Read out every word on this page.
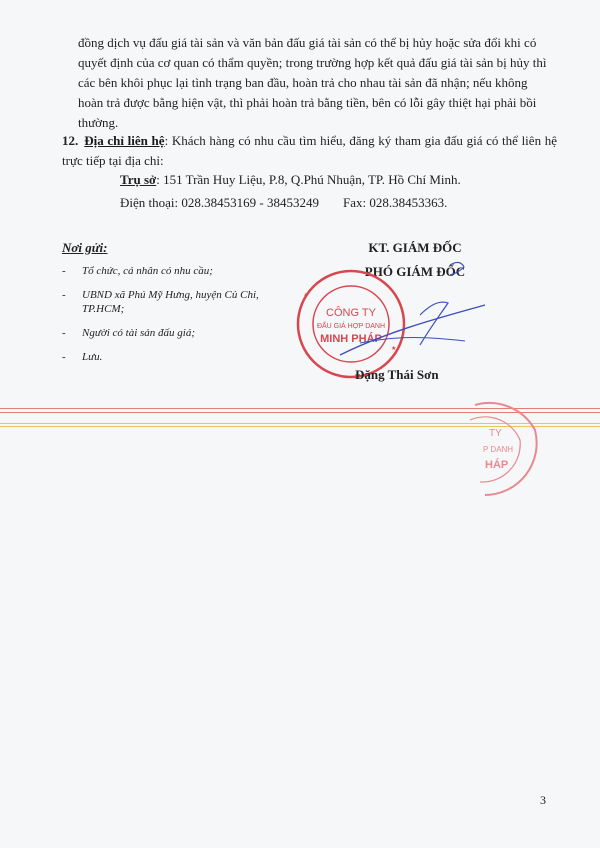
đồng dịch vụ đấu giá tài sản và văn bản đấu giá tài sản có thể bị hủy hoặc sửa đổi khi có

quyết định của cơ quan có thẩm quyền; trong trường hợp kết quả đấu giá tài sản bị hủy thì

các bên khôi phục lại tình trạng ban đầu, hoàn trả cho nhau tài sản đã nhận; nếu không

hoàn trả được bằng hiện vật, thì phải hoàn trả bằng tiền, bên có lỗi gây thiệt hại phải bồi

thường.

12. Địa chỉ liên hệ: Khách hàng có nhu cầu tìm hiểu, đăng ký tham gia đấu giá có thể liên hệ trực tiếp tại địa chỉ:
Trụ sở: 151 Trần Huy Liệu, P.8, Q.Phú Nhuận, TP. Hồ Chí Minh.
Điện thoại: 028.38453169 - 38453249 Fax: 028.38453363.
Nơi gửi:
- Tổ chức, cá nhân có nhu cầu;
- UBND xã Phú Mỹ Hưng, huyện Củ Chi, TP.HCM;
- Người có tài sản đấu giá;
- Lưu.
KT. GIÁM ĐỐC
PHÓ GIÁM ĐỐC
CÔNG TY
ĐẤU GIÁ HỢP DANH
MINH PHÁP
★
★
Đặng Thái Sơn
TY
P DANH
HÁP
3
